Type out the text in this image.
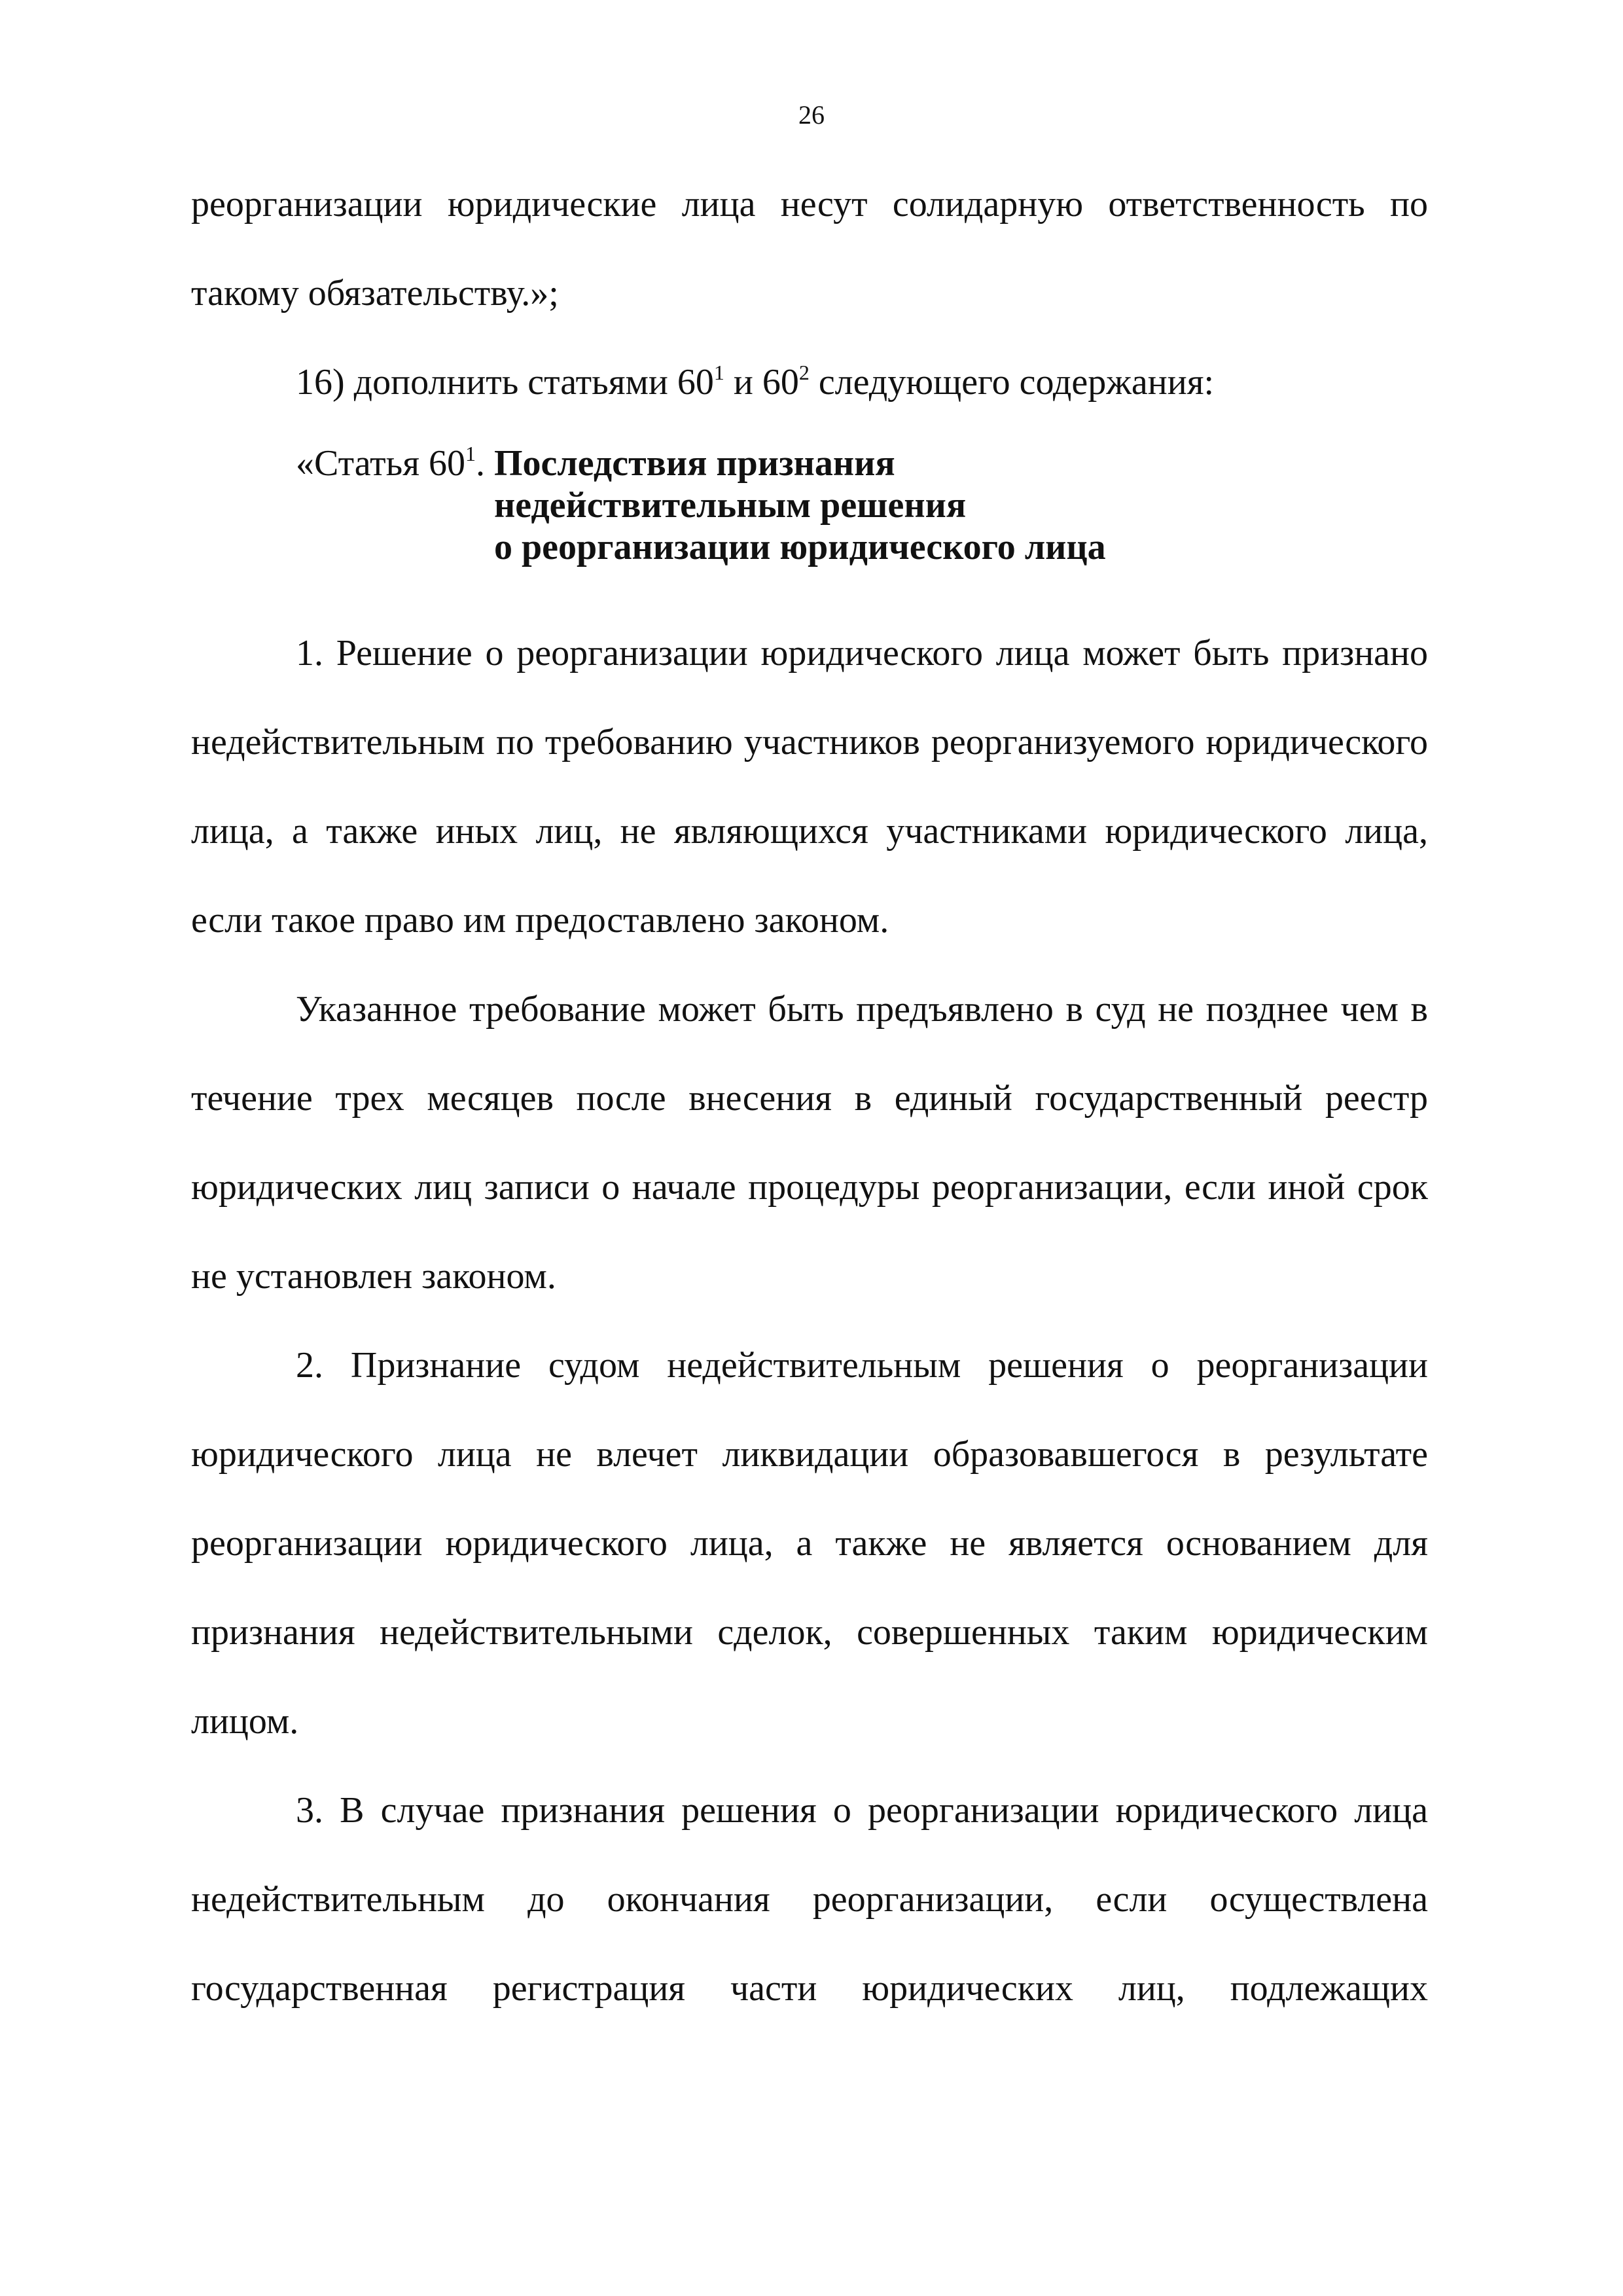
26

реорганизации юридические лица несут солидарную ответственность по

такому обязательству.»;

16) дополнить статьями $60^1$ и $60^2$ следующего содержания:

«Статья $60^1$. Последствия признания
недействительным решения
о реорганизации юридического лица

1. Решение о реорганизации юридического лица может быть признано недействительным по требованию участников реорганизуемого юридического лица, а также иных лиц, не являющихся участниками юридического лица, если такое право им предоставлено законом.

Указанное требование может быть предъявлено в суд не позднее чем в течение трех месяцев после внесения в единый государственный реестр юридических лиц записи о начале процедуры реорганизации, если иной срок не установлен законом.

2. Признание судом недействительным решения о реорганизации юридического лица не влечет ликвидации образовавшегося в результате реорганизации юридического лица, а также не является основанием для признания недействительными сделок, совершенных таким юридическим лицом.

3. В случае признания решения о реорганизации юридического лица недействительным до окончания реорганизации, если осуществлена государственная регистрация части юридических лиц, подлежащих
